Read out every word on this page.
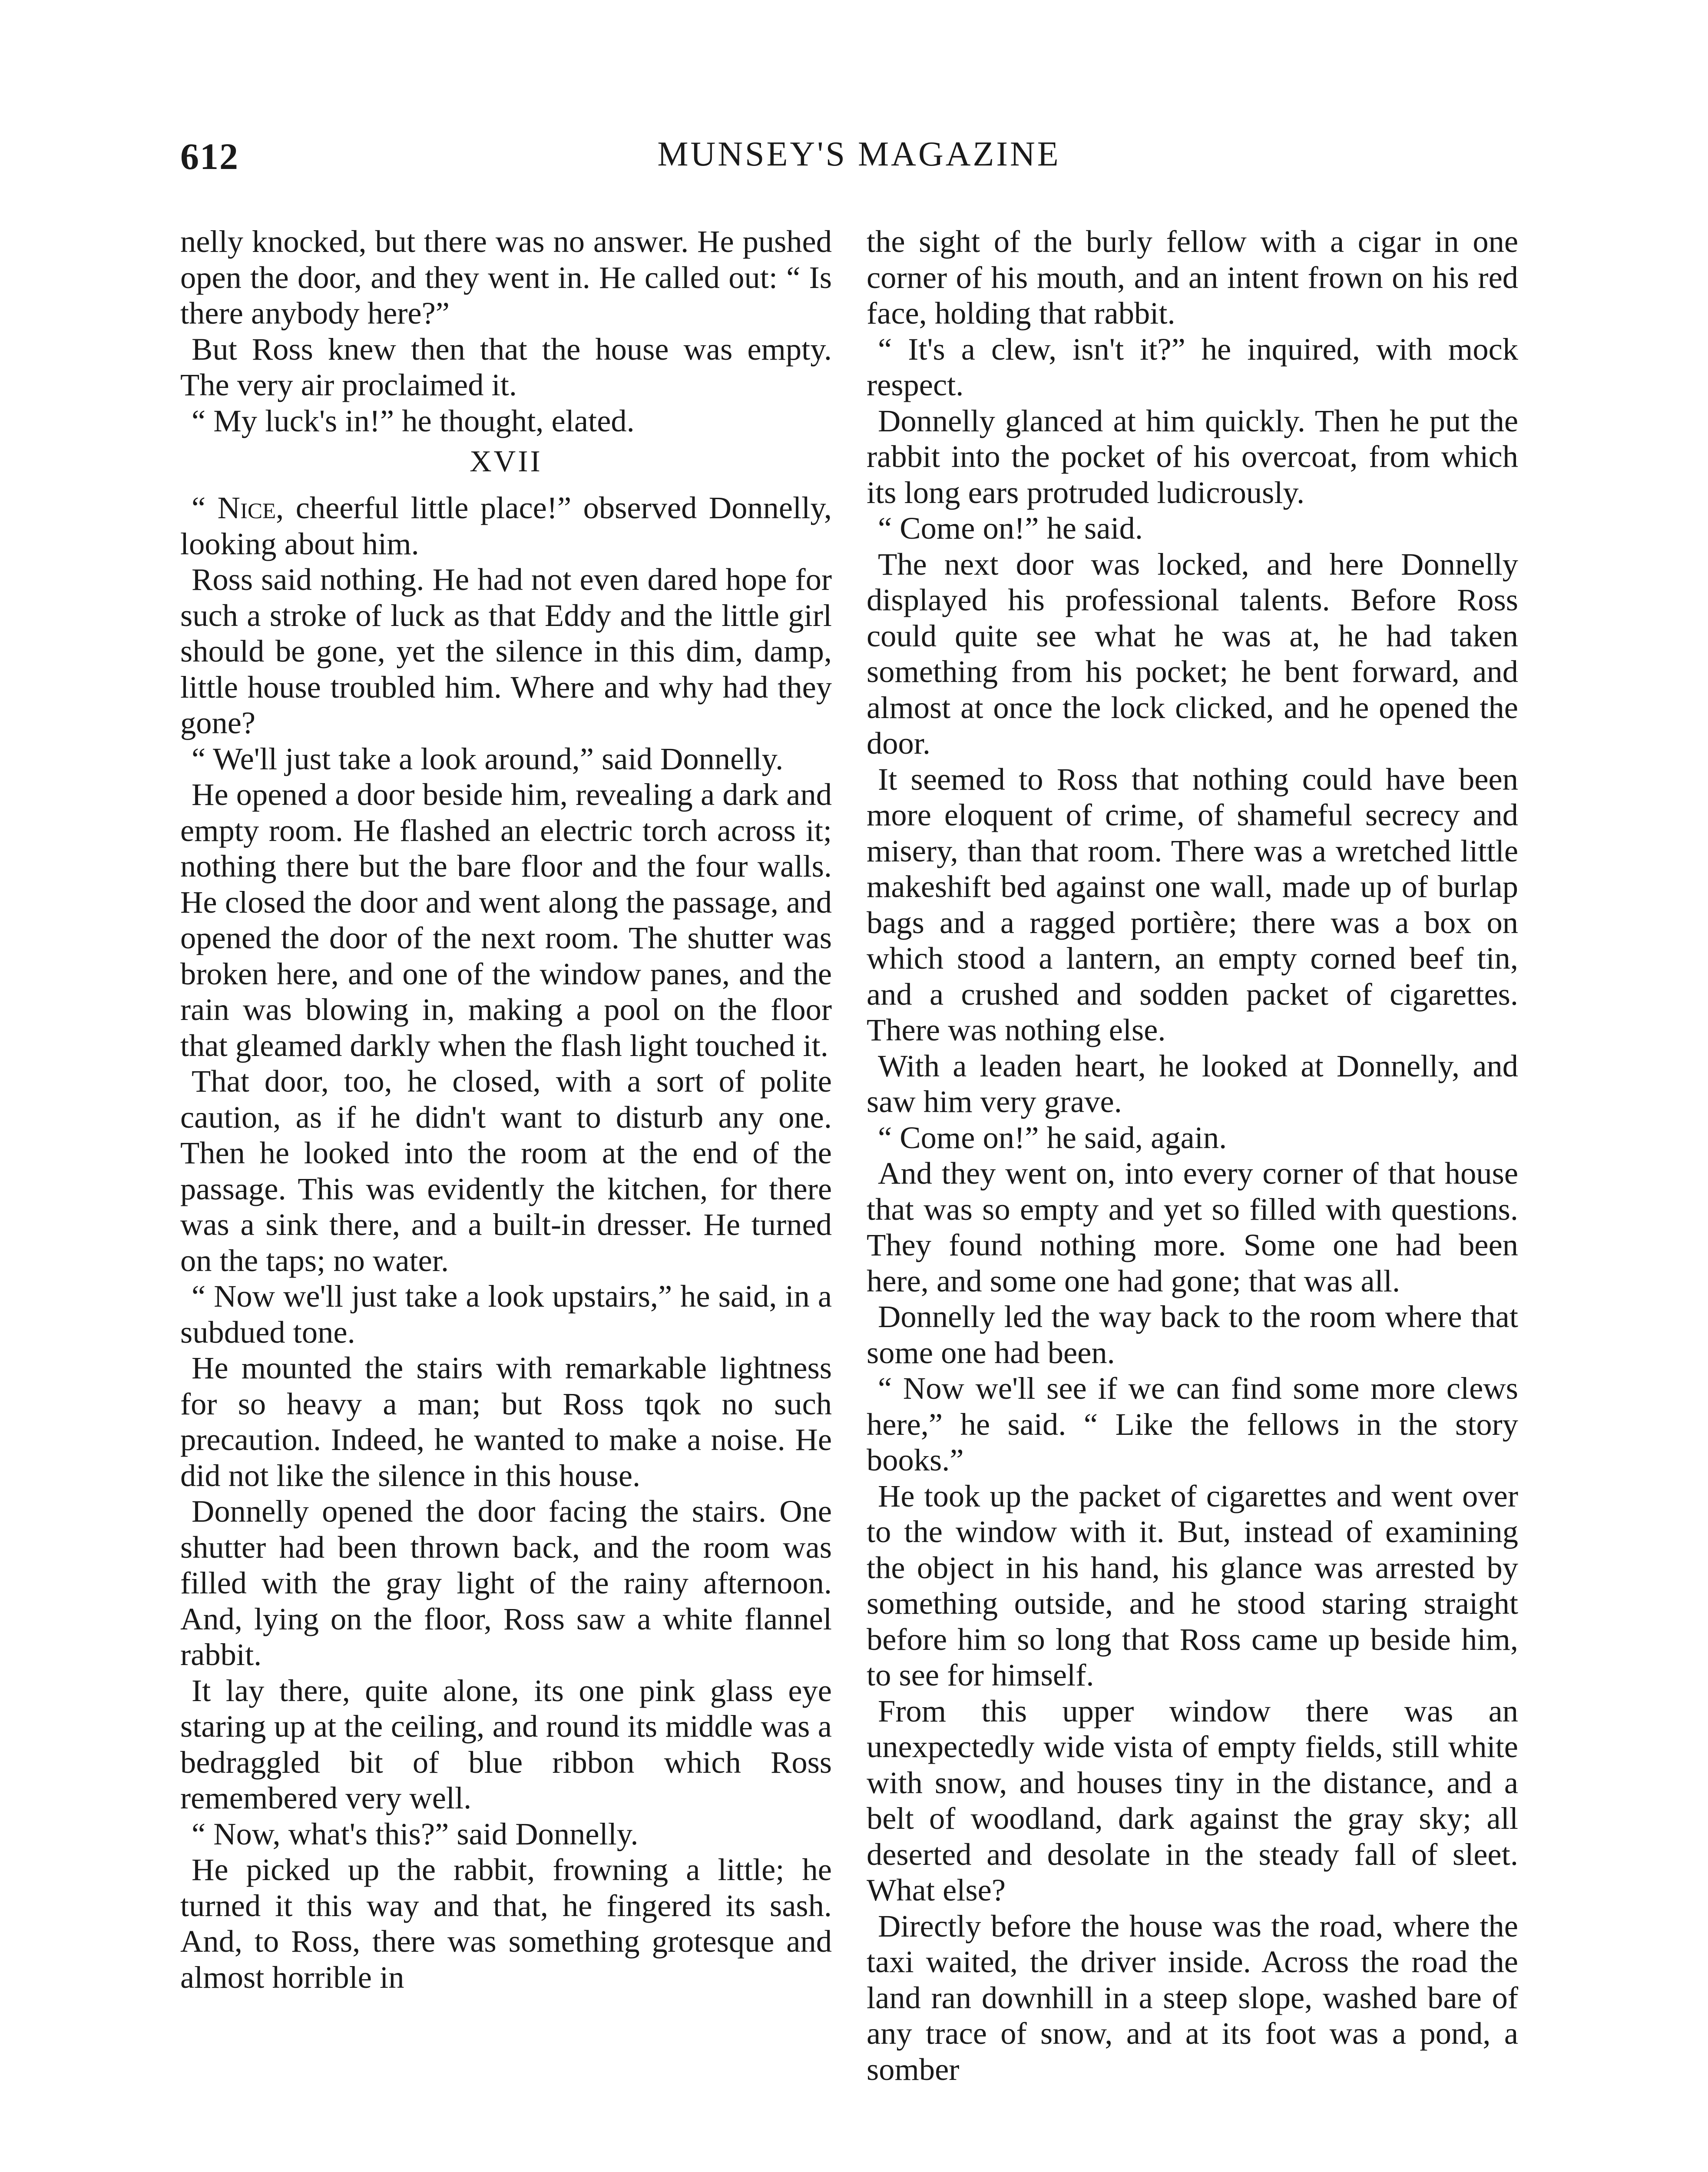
612	MUNSEY'S MAGAZINE

nelly knocked, but there was no answer. He pushed open the door, and they went in. He called out: “ Is there anybody here?”

But Ross knew then that the house was empty. The very air proclaimed it.

“ My luck's in!” he thought, elated.

XVII

“ Nice, cheerful little place!” observed Donnelly, looking about him.

Ross said nothing. He had not even dared hope for such a stroke of luck as that Eddy and the little girl should be gone, yet the silence in this dim, damp, little house troubled him. Where and why had they gone?

“ We'll just take a look around,” said Donnelly.

He opened a door beside him, revealing a dark and empty room. He flashed an electric torch across it; nothing there but the bare floor and the four walls. He closed the door and went along the passage, and opened the door of the next room. The shutter was broken here, and one of the window panes, and the rain was blowing in, making a pool on the floor that gleamed darkly when the flash light touched it.

That door, too, he closed, with a sort of polite caution, as if he didn't want to disturb any one. Then he looked into the room at the end of the passage. This was evidently the kitchen, for there was a sink there, and a built-in dresser. He turned on the taps; no water.

“ Now we'll just take a look upstairs,” he said, in a subdued tone.

He mounted the stairs with remarkable lightness for so heavy a man; but Ross tqok no such precaution. Indeed, he wanted to make a noise. He did not like the silence in this house.

Donnelly opened the door facing the stairs. One shutter had been thrown back, and the room was filled with the gray light of the rainy afternoon. And, lying on the floor, Ross saw a white flannel rabbit.

It lay there, quite alone, its one pink glass eye staring up at the ceiling, and round its middle was a bedraggled bit of blue ribbon which Ross remembered very well.

“ Now, what's this?” said Donnelly.

He picked up the rabbit, frowning a little; he turned it this way and that, he fingered its sash. And, to Ross, there was something grotesque and almost horrible in

the sight of the burly fellow with a cigar in one corner of his mouth, and an intent frown on his red face, holding that rabbit.

“ It's a clew, isn't it?” he inquired, with mock respect.

Donnelly glanced at him quickly. Then he put the rabbit into the pocket of his overcoat, from which its long ears protruded ludicrously.

“ Come on!” he said.

The next door was locked, and here Donnelly displayed his professional talents. Before Ross could quite see what he was at, he had taken something from his pocket; he bent forward, and almost at once the lock clicked, and he opened the door.

It seemed to Ross that nothing could have been more eloquent of crime, of shameful secrecy and misery, than that room. There was a wretched little makeshift bed against one wall, made up of burlap bags and a ragged portière; there was a box on which stood a lantern, an empty corned beef tin, and a crushed and sodden packet of cigarettes. There was nothing else.

With a leaden heart, he looked at Donnelly, and saw him very grave.

“ Come on!” he said, again.

And they went on, into every corner of that house that was so empty and yet so filled with questions. They found nothing more. Some one had been here, and some one had gone; that was all.

Donnelly led the way back to the room where that some one had been.

“ Now we'll see if we can find some more clews here,” he said. “ Like the fellows in the story books.”

He took up the packet of cigarettes and went over to the window with it. But, instead of examining the object in his hand, his glance was arrested by something outside, and he stood staring straight before him so long that Ross came up beside him, to see for himself.

From this upper window there was an unexpectedly wide vista of empty fields, still white with snow, and houses tiny in the distance, and a belt of woodland, dark against the gray sky; all deserted and desolate in the steady fall of sleet. What else?

Directly before the house was the road, where the taxi waited, the driver inside. Across the road the land ran downhill in a steep slope, washed bare of any trace of snow, and at its foot was a pond, a somber
